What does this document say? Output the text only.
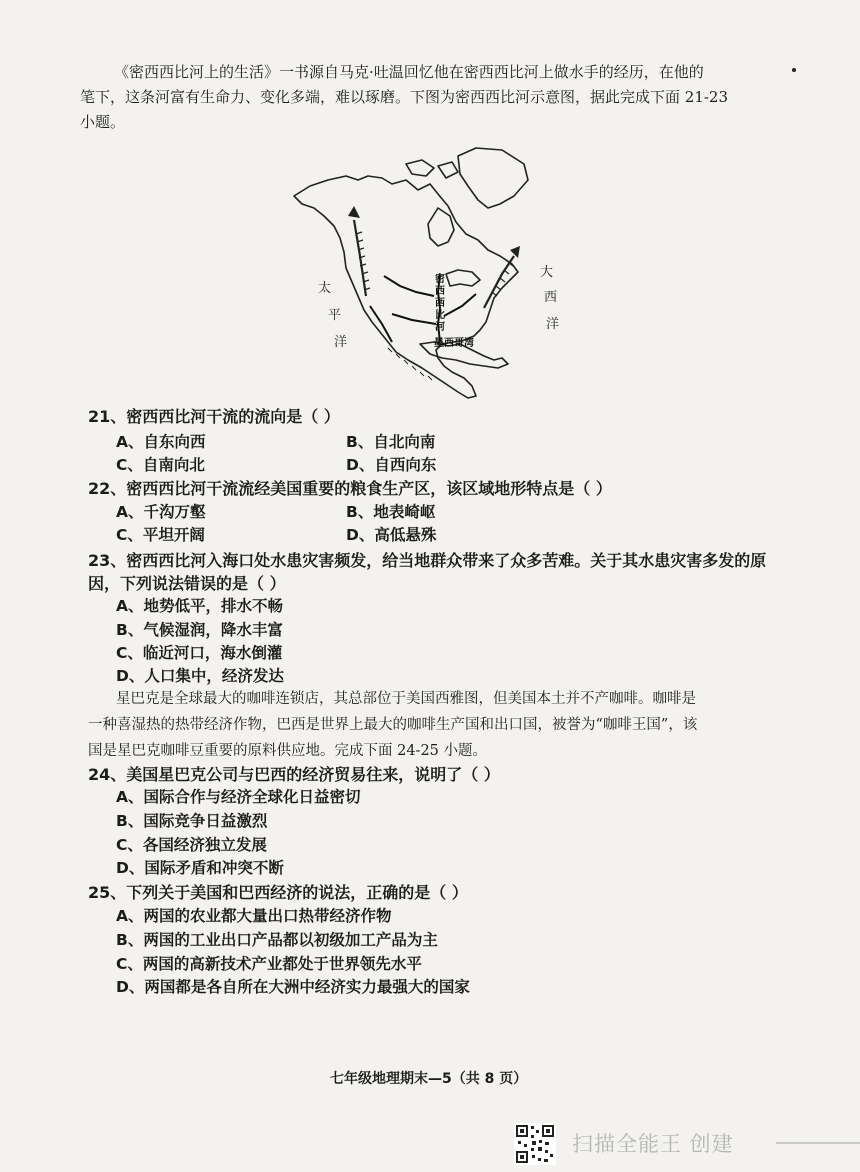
《密西西比河上的生活》一书源自马克·吐温回忆他在密西西比河上做水手的经历，在他的
笔下，这条河富有生命力、变化多端，难以琢磨。下图为密西西比河示意图，据此完成下面 21-23
小题。
太
平
洋
大
西
洋
密
西
西
比
河
墨西哥湾
21、密西西比河干流的流向是（ ）
A、自东向西	B、自北向南
C、自南向北	D、自西向东
22、密西西比河干流流经美国重要的粮食生产区，该区域地形特点是（ ）
A、千沟万壑	B、地表崎岖
C、平坦开阔	D、高低悬殊
23、密西西比河入海口处水患灾害频发，给当地群众带来了众多苦难。关于其水患灾害多发的原
因，下列说法错误的是（ ）
A、地势低平，排水不畅
B、气候湿润，降水丰富
C、临近河口，海水倒灌
D、人口集中，经济发达
星巴克是全球最大的咖啡连锁店，其总部位于美国西雅图，但美国本土并不产咖啡。咖啡是
一种喜湿热的热带经济作物，巴西是世界上最大的咖啡生产国和出口国，被誉为“咖啡王国”，该
国是星巴克咖啡豆重要的原料供应地。完成下面 24-25 小题。
24、美国星巴克公司与巴西的经济贸易往来，说明了（ ）
A、国际合作与经济全球化日益密切
B、国际竞争日益激烈
C、各国经济独立发展
D、国际矛盾和冲突不断
25、下列关于美国和巴西经济的说法，正确的是（ ）
A、两国的农业都大量出口热带经济作物
B、两国的工业出口产品都以初级加工产品为主
C、两国的高新技术产业都处于世界领先水平
D、两国都是各自所在大洲中经济实力最强大的国家
七年级地理期末—5（共 8 页）
扫描全能王 创建
